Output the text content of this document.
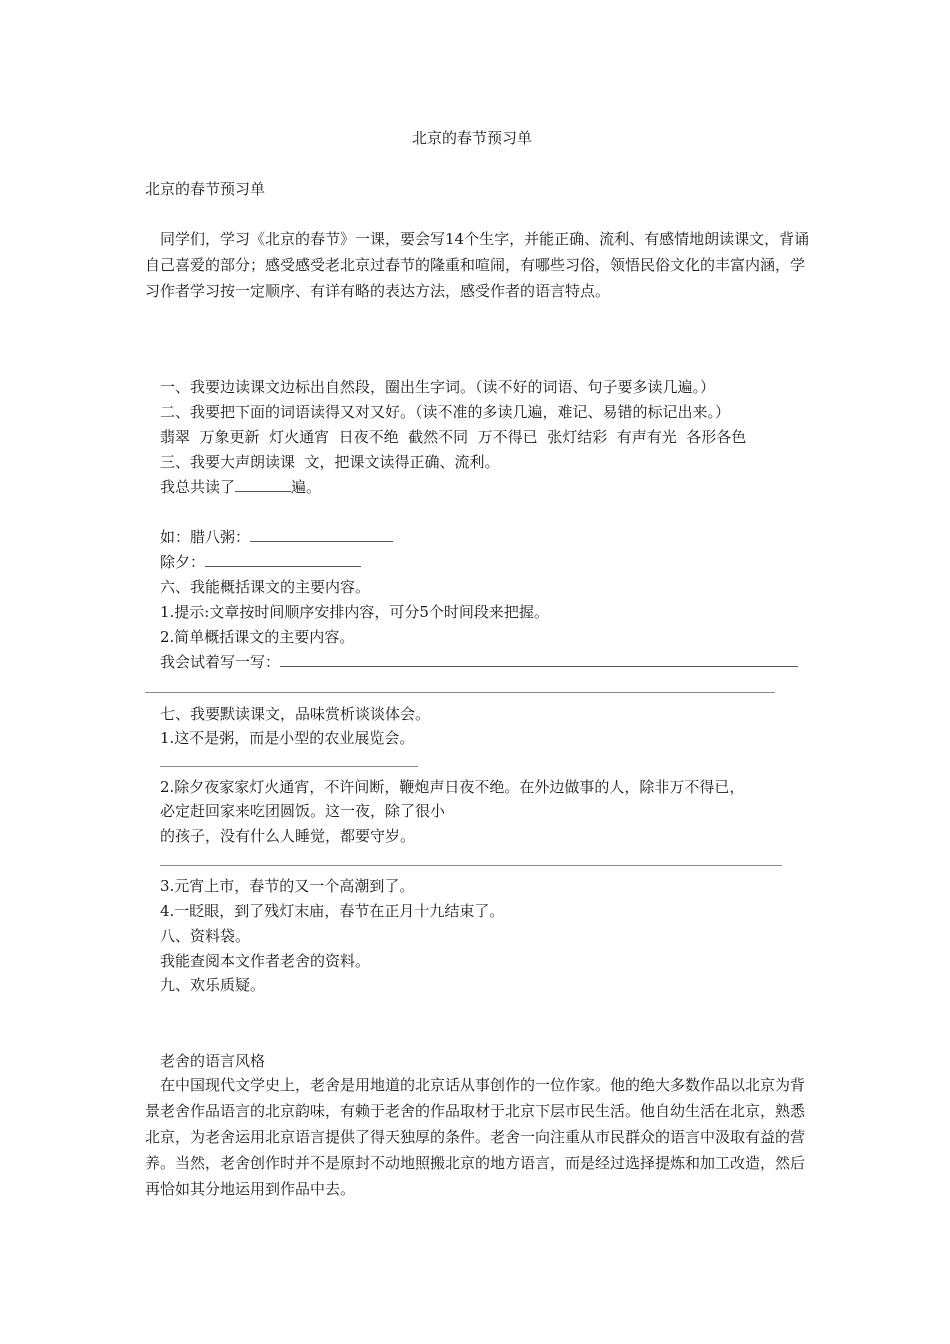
北京的春节预习单
北京的春节预习单
同学们，学习《北京的春节》一课，要会写14个生字，并能正确、流利、有感情地朗读课文，背诵自己喜爱的部分；感受感受老北京过春节的隆重和喧闹，有哪些习俗，领悟民俗文化的丰富内涵，学习作者学习按一定顺序、有详有略的表达方法，感受作者的语言特点。
一、我要边读课文边标出自然段，圈出生字词。（读不好的词语、句子要多读几遍。）
二、我要把下面的词语读得又对又好。（读不准的多读几遍，难记、易错的标记出来。）
翡翠  万象更新  灯火通宵  日夜不绝  截然不同  万不得已  张灯结彩  有声有光  各形各色
三、我要大声朗读课  文，把课文读得正确、流利。
我总共读了	遍。
如：腊八粥：
除夕：
六、我能概括课文的主要内容。
1.提示:文章按时间顺序安排内容，可分5个时间段来把握。
2.简单概括课文的主要内容。
我会试着写一写：
七、我要默读课文，品味赏析谈谈体会。
1.这不是粥，而是小型的农业展览会。
2.除夕夜家家灯火通宵，不许间断，鞭炮声日夜不绝。在外边做事的人，除非万不得已，
必定赶回家来吃团圆饭。这一夜，除了很小
的孩子，没有什么人睡觉，都要守岁。
3.元宵上市，春节的又一个高潮到了。
4.一眨眼，到了残灯末庙，春节在正月十九结束了。
八、资料袋。
我能查阅本文作者老舍的资料。
九、欢乐质疑。
老舍的语言风格
在中国现代文学史上，老舍是用地道的北京话从事创作的一位作家。他的绝大多数作品以北京为背景老舍作品语言的北京韵味，有赖于老舍的作品取材于北京下层市民生活。他自幼生活在北京，熟悉北京，为老舍运用北京语言提供了得天独厚的条件。老舍一向注重从市民群众的语言中汲取有益的营养。当然，老舍创作时并不是原封不动地照搬北京的地方语言，而是经过选择提炼和加工改造，然后再恰如其分地运用到作品中去。
